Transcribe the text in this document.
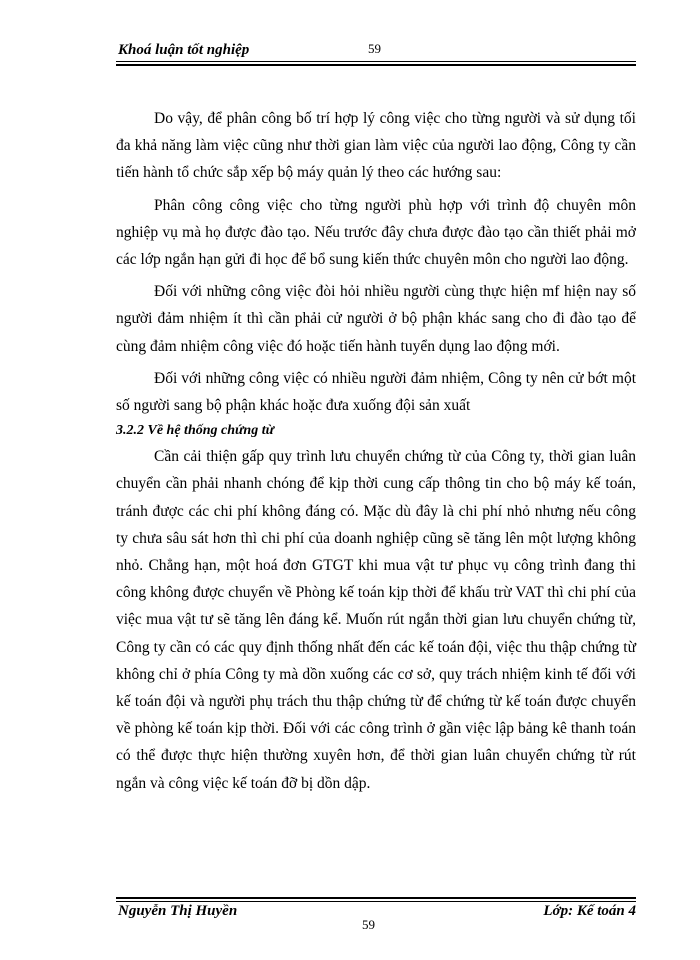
Khoá luận tốt nghiệp	59

Do vậy, để phân công bố trí hợp lý công việc cho từng người và sử dụng tối đa khả năng làm việc cũng như thời gian làm việc của người lao động, Công ty cần tiến hành tổ chức sắp xếp bộ máy quản lý theo các hướng sau:

Phân công công việc cho từng người phù hợp với trình độ chuyên môn nghiệp vụ mà họ được đào tạo. Nếu trước đây chưa được đào tạo cần thiết phải mở các lớp ngắn hạn gửi đi học để bổ sung kiến thức chuyên môn cho người lao động.

Đối với những công việc đòi hỏi nhiều người cùng thực hiện mf hiện nay số người đảm nhiệm ít thì cần phải cử người ở bộ phận khác sang cho đi đào tạo để cùng đảm nhiệm công việc đó hoặc tiến hành tuyển dụng lao động mới.

Đối với những công việc có nhiều người đảm nhiệm, Công ty nên cử bớt một số người sang bộ phận khác hoặc đưa xuống đội sản xuất

3.2.2 Về hệ thống chứng từ

Cần cải thiện gấp quy trình lưu chuyển chứng từ của Công ty, thời gian luân chuyển cần phải nhanh chóng để kịp thời cung cấp thông tin cho bộ máy kế toán, tránh được các chi phí không đáng có. Mặc dù đây là chi phí nhỏ nhưng nếu công ty chưa sâu sát hơn thì chi phí của doanh nghiệp cũng sẽ tăng lên một lượng không nhỏ. Chẳng hạn, một hoá đơn GTGT khi mua vật tư phục vụ công trình đang thi công không được chuyển về Phòng kế toán kịp thời để khấu trừ VAT thì chi phí của việc mua vật tư sẽ tăng lên đáng kể. Muốn rút ngắn thời gian lưu chuyển chứng từ, Công ty cần có các quy định thống nhất đến các kế toán đội, việc thu thập chứng từ không chỉ ở phía Công ty mà dồn xuống các cơ sở, quy trách nhiệm kinh tế đối với kế toán đội và người phụ trách thu thập chứng từ để chứng từ kế toán được chuyển về phòng kế toán kịp thời. Đối với các công trình ở gần việc lập bảng kê thanh toán có thể được thực hiện thường xuyên hơn, để thời gian luân chuyển chứng từ rút ngắn và công việc kế toán đỡ bị dồn dập.

Nguyễn Thị Huyền	Lớp: Kế toán 4
59
